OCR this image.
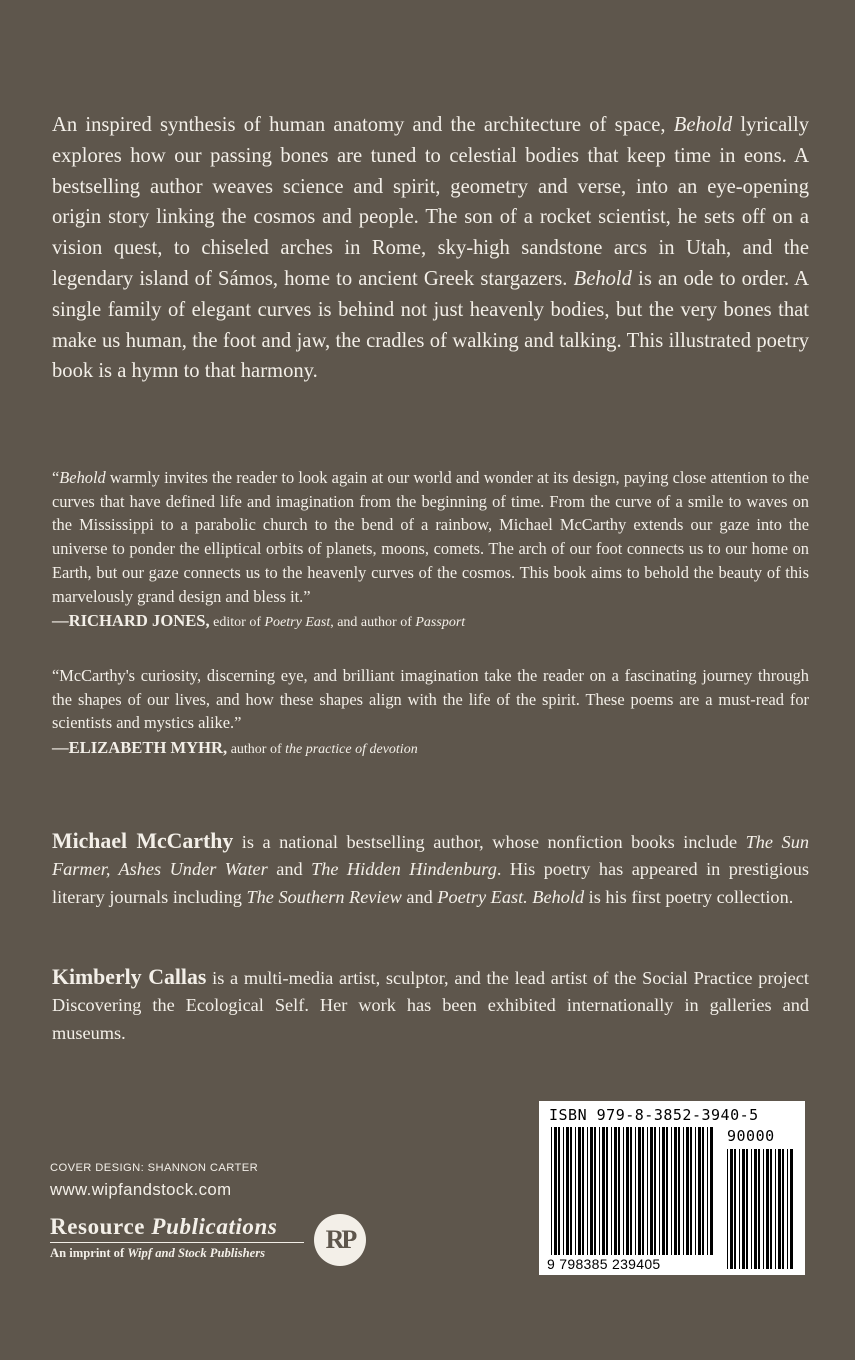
An inspired synthesis of human anatomy and the architecture of space, Behold lyrically explores how our passing bones are tuned to celestial bodies that keep time in eons. A bestselling author weaves science and spirit, geometry and verse, into an eye-opening origin story linking the cosmos and people. The son of a rocket scientist, he sets off on a vision quest, to chiseled arches in Rome, sky-high sandstone arcs in Utah, and the legendary island of Sámos, home to ancient Greek stargazers. Behold is an ode to order. A single family of elegant curves is behind not just heavenly bodies, but the very bones that make us human, the foot and jaw, the cradles of walking and talking. This illustrated poetry book is a hymn to that harmony.

“Behold warmly invites the reader to look again at our world and wonder at its design, paying close attention to the curves that have defined life and imagination from the beginning of time. From the curve of a smile to waves on the Mississippi to a parabolic church to the bend of a rainbow, Michael McCarthy extends our gaze into the universe to ponder the elliptical orbits of planets, moons, comets. The arch of our foot connects us to our home on Earth, but our gaze connects us to the heavenly curves of the cosmos. This book aims to behold the beauty of this marvelously grand design and bless it.”
—RICHARD JONES, editor of Poetry East, and author of Passport

“McCarthy's curiosity, discerning eye, and brilliant imagination take the reader on a fascinating journey through the shapes of our lives, and how these shapes align with the life of the spirit. These poems are a must-read for scientists and mystics alike.”
—ELIZABETH MYHR, author of the practice of devotion

Michael McCarthy is a national bestselling author, whose nonfiction books include The Sun Farmer, Ashes Under Water and The Hidden Hindenburg. His poetry has appeared in prestigious literary journals including The Southern Review and Poetry East. Behold is his first poetry collection.

Kimberly Callas is a multi-media artist, sculptor, and the lead artist of the Social Practice project Discovering the Ecological Self. Her work has been exhibited internationally in galleries and museums.

COVER DESIGN: SHANNON CARTER
www.wipfandstock.com
Resource Publications
An imprint of Wipf and Stock Publishers	RP
ISBN 979-8-3852-3940-5
90000
9 798385 239405
